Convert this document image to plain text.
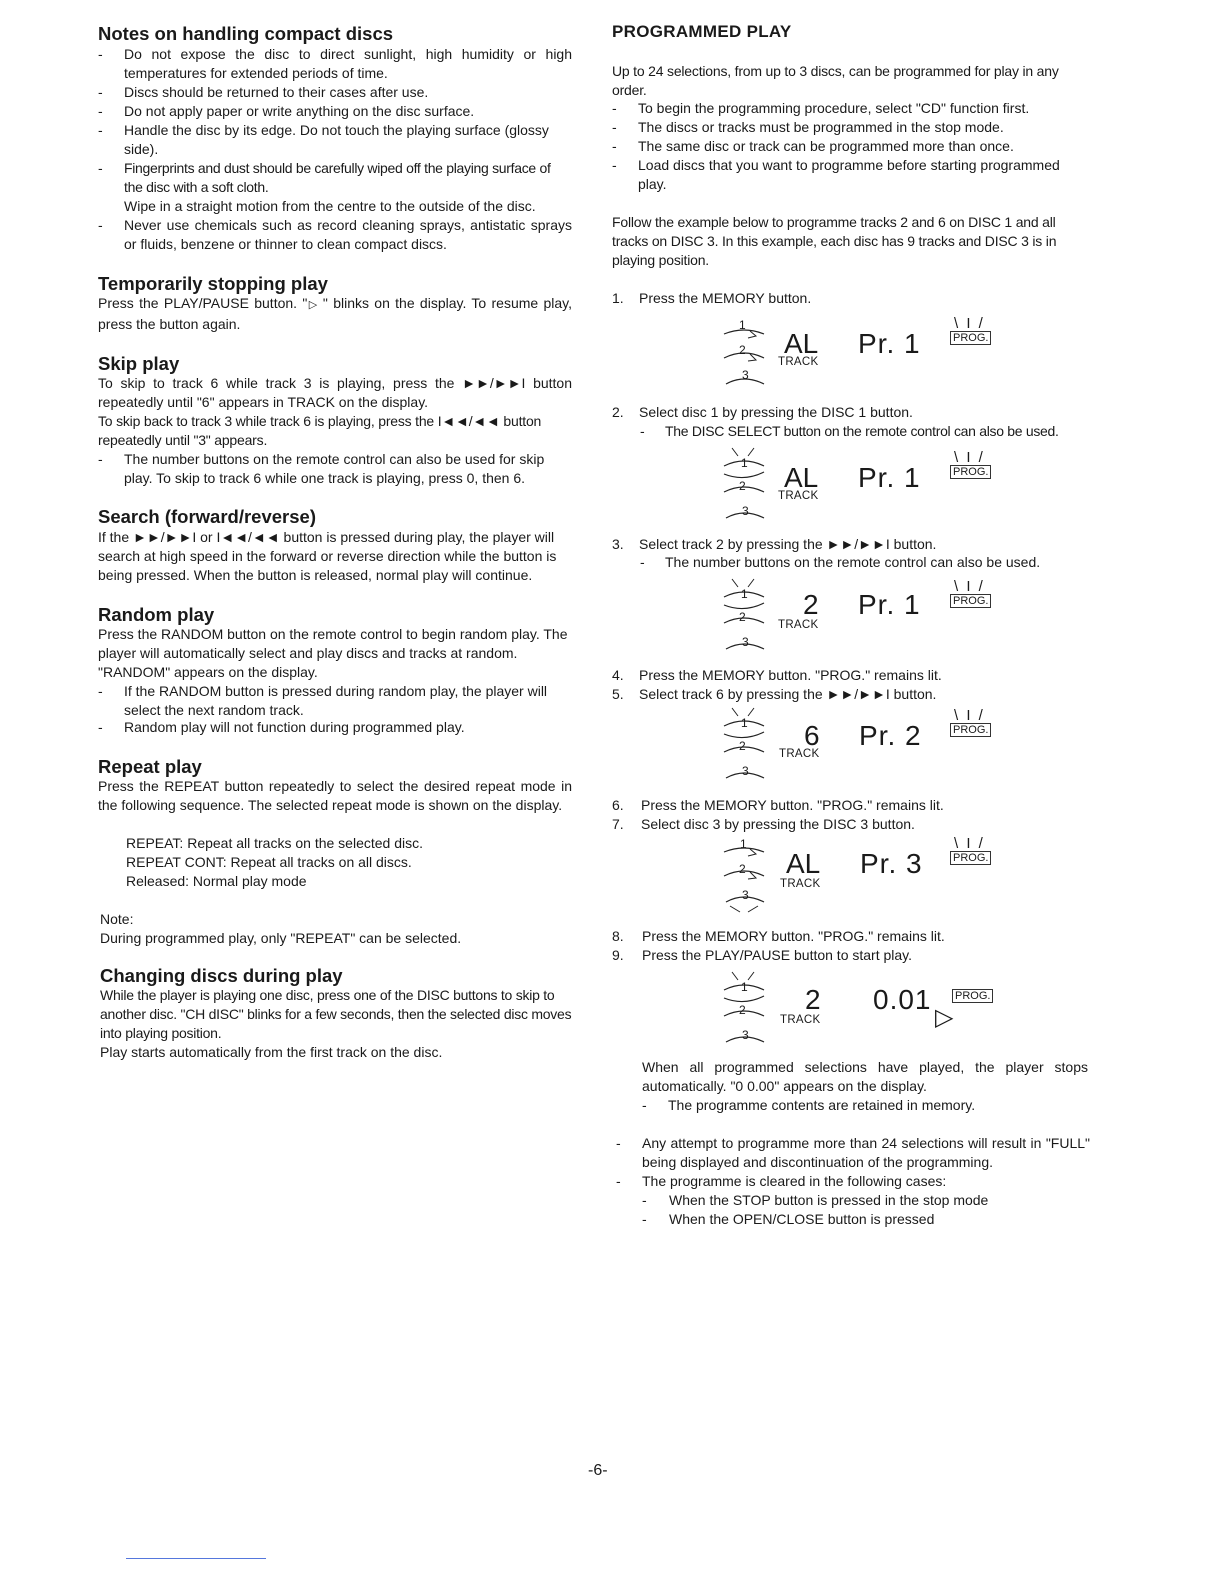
Notes on handling compact discs
-	Do not expose the disc to direct sunlight, high humidity or high temperatures for extended periods of time.
-	Discs should be returned to their cases after use.
-	Do not apply paper or write anything on the disc surface.
-	Handle the disc by its edge. Do not touch the playing surface (glossy side).
-	Fingerprints and dust should be carefully wiped off the playing surface of the disc with a soft cloth.
Wipe in a straight motion from the centre to the outside of the disc.
-	Never use chemicals such as record cleaning sprays, antistatic sprays or fluids, benzene or thinner to clean compact discs.
Temporarily stopping play

Press the PLAY/PAUSE button. "▷ " blinks on the display. To resume play, press the button again.

Skip play

To skip to track 6 while track 3 is playing, press the ►►/►►I button repeatedly until "6" appears in TRACK on the display.

To skip back to track 3 while track 6 is playing, press the I◄◄/◄◄ button repeatedly until "3" appears.

-	The number buttons on the remote control can also be used for skip play. To skip to track 6 while one track is playing, press 0, then 6.
Search (forward/reverse)

If the ►►/►►I or I◄◄/◄◄ button is pressed during play, the player will search at high speed in the forward or reverse direction while the button is being pressed. When the button is released, normal play will continue.

Random play

Press the RANDOM button on the remote control to begin random play. The player will automatically select and play discs and tracks at random. "RANDOM" appears on the display.

-	If the RANDOM button is pressed during random play, the player will select the next random track.
-	Random play will not function during programmed play.
Repeat play

Press the REPEAT button repeatedly to select the desired repeat mode in the following sequence. The selected repeat mode is shown on the display.

REPEAT: Repeat all tracks on the selected disc.
REPEAT CONT: Repeat all tracks on all discs.
Released: Normal play mode

Note:

During programmed play, only "REPEAT" can be selected.

Changing discs during play

While the player is playing one disc, press one of the DISC buttons to skip to another disc. "CH dISC" blinks for a few seconds, then the selected disc moves into playing position.

Play starts automatically from the first track on the disc.

PROGRAMMED PLAY

Up to 24 selections, from up to 3 discs, can be programmed for play in any order.

-	To begin the programming procedure, select "CD" function first.
-	The discs or tracks must be programmed in the stop mode.
-	The same disc or track can be programmed more than once.
-	Load discs that you want to programme before starting programmed play.

Follow the example below to programme tracks 2 and 6 on DISC 1 and all tracks on DISC 3. In this example, each disc has 9 tracks and DISC 3 is in playing position.

1. Press the MEMORY button.
1
2
3
AL
TRACK
Pr. 1
\ I /
PROG.
2. Select disc 1 by pressing the DISC 1 button.
-	The DISC SELECT button on the remote control can also be used.
1
2
3
AL
TRACK
Pr. 1
\ I /
PROG.
3. Select track 2 by pressing the ►►/►►I button.
-	The number buttons on the remote control can also be used.
1
2
3
2
TRACK
Pr. 1
\ I /
PROG.
4. Press the MEMORY button. "PROG." remains lit.
5. Select track 6 by pressing the ►►/►►I button.
1
2
3
6
TRACK
Pr. 2
\ I /
PROG.
6. Press the MEMORY button. "PROG." remains lit.
7. Select disc 3 by pressing the DISC 3 button.
1
2
3
AL
TRACK
Pr. 3
\ I /
PROG.
8. Press the MEMORY button. "PROG." remains lit.
9. Press the PLAY/PAUSE button to start play.
1
2
3
2
TRACK
0.01 PROG.
▷

When all programmed selections have played, the player stops automatically. "0 0.00" appears on the display.

-	The programme contents are retained in memory.
-	Any attempt to programme more than 24 selections will result in "FULL" being displayed and discontinuation of the programming.
-	The programme is cleared in the following cases:
-	When the STOP button is pressed in the stop mode
-	When the OPEN/CLOSE button is pressed
-6-
